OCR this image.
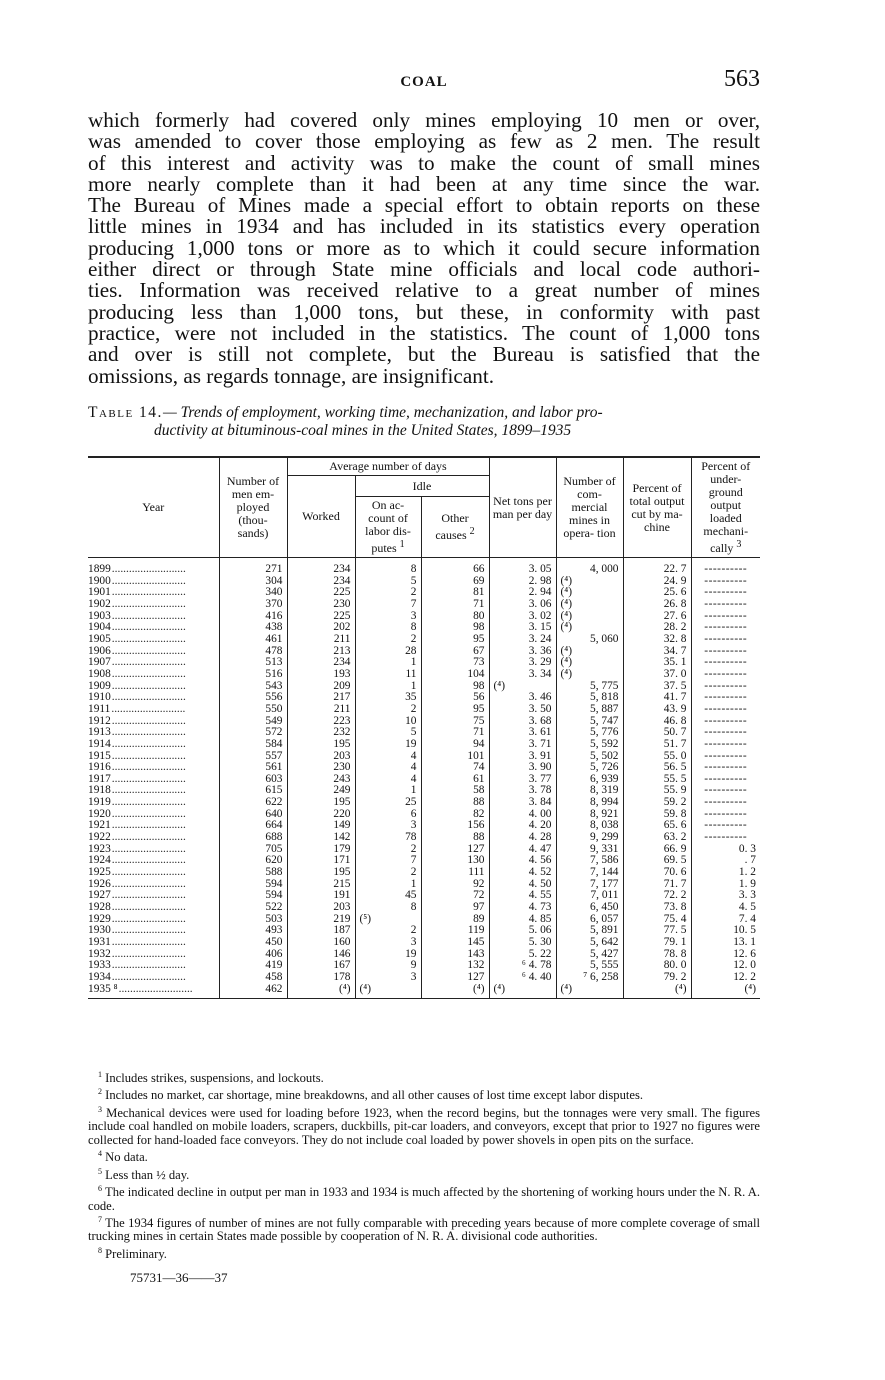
COAL	563
which formerly had covered only mines employing 10 men or over,
was amended to cover those employing as few as 2 men. The result
of this interest and activity was to make the count of small mines
more nearly complete than it had been at any time since the war.
The Bureau of Mines made a special effort to obtain reports on these
little mines in 1934 and has included in its statistics every operation
producing 1,000 tons or more as to which it could secure information
either direct or through State mine officials and local code authori-
ties. Information was received relative to a great number of mines
producing less than 1,000 tons, but these, in conformity with past
practice, were not included in the statistics. The count of 1,000 tons
and over is still not complete, but the Bureau is satisfied that the
omissions, as regards tonnage, are insignificant.
Table 14.— Trends of employment, working time, mechanization, and labor pro-
ductivity at bituminous-coal mines in the United States, 1899–1935
Year	Number of men em- ployed (thou- sands)	Average number of days			Net tons per man per day	Number of com- mercial mines in opera- tion	Percent of total output cut by ma- chine	Percent of under- ground output loaded mechani- cally $^3$
		Worked	Idle					
			On ac- count of labor dis- putes $^1$	Other causes $^2$
1899..........................	271	234	8	66	3. 05	4, 000	22. 7	----------
1900..........................	304	234	5	69	2. 98	(⁴)	24. 9	----------
1901..........................	340	225	2	81	2. 94	(⁴)	25. 6	----------
1902..........................	370	230	7	71	3. 06	(⁴)	26. 8	----------
1903..........................	416	225	3	80	3. 02	(⁴)	27. 6	----------
1904..........................	438	202	8	98	3. 15	(⁴)	28. 2	----------
1905..........................	461	211	2	95	3. 24	5, 060	32. 8	----------
1906..........................	478	213	28	67	3. 36	(⁴)	34. 7	----------
1907..........................	513	234	1	73	3. 29	(⁴)	35. 1	----------
1908..........................	516	193	11	104	3. 34	(⁴)	37. 0	----------
1909..........................	543	209	1	98	(⁴)	5, 775	37. 5	----------
1910..........................	556	217	35	56	3. 46	5, 818	41. 7	----------
1911..........................	550	211	2	95	3. 50	5, 887	43. 9	----------
1912..........................	549	223	10	75	3. 68	5, 747	46. 8	----------
1913..........................	572	232	5	71	3. 61	5, 776	50. 7	----------
1914..........................	584	195	19	94	3. 71	5, 592	51. 7	----------
1915..........................	557	203	4	101	3. 91	5, 502	55. 0	----------
1916..........................	561	230	4	74	3. 90	5, 726	56. 5	----------
1917..........................	603	243	4	61	3. 77	6, 939	55. 5	----------
1918..........................	615	249	1	58	3. 78	8, 319	55. 9	----------
1919..........................	622	195	25	88	3. 84	8, 994	59. 2	----------
1920..........................	640	220	6	82	4. 00	8, 921	59. 8	----------
1921..........................	664	149	3	156	4. 20	8, 038	65. 6	----------
1922..........................	688	142	78	88	4. 28	9, 299	63. 2	----------
1923..........................	705	179	2	127	4. 47	9, 331	66. 9	0. 3
1924..........................	620	171	7	130	4. 56	7, 586	69. 5	. 7
1925..........................	588	195	2	111	4. 52	7, 144	70. 6	1. 2
1926..........................	594	215	1	92	4. 50	7, 177	71. 7	1. 9
1927..........................	594	191	45	72	4. 55	7, 011	72. 2	3. 3
1928..........................	522	203	8	97	4. 73	6, 450	73. 8	4. 5
1929..........................	503	219	(⁵)	89	4. 85	6, 057	75. 4	7. 4
1930..........................	493	187	2	119	5. 06	5, 891	77. 5	10. 5
1931..........................	450	160	3	145	5. 30	5, 642	79. 1	13. 1
1932..........................	406	146	19	143	5. 22	5, 427	78. 8	12. 6
1933..........................	419	167	9	132	⁶ 4. 78	5, 555	80. 0	12. 0
1934..........................	458	178	3	127	⁶ 4. 40	⁷ 6, 258	79. 2	12. 2
1935 ⁸..........................	462	(⁴)	(⁴)	(⁴)	(⁴)	(⁴)	(⁴)	(⁴)
$^1$ Includes strikes, suspensions, and lockouts.
$^2$ Includes no market, car shortage, mine breakdowns, and all other causes of lost time except labor disputes.
$^3$ Mechanical devices were used for loading before 1923, when the record begins, but the tonnages were very small. The figures include coal handled on mobile loaders, scrapers, duckbills, pit-car loaders, and conveyors, except that prior to 1927 no figures were collected for hand-loaded face conveyors. They do not include coal loaded by power shovels in open pits on the surface.
$^4$ No data.
$^5$ Less than ½ day.
$^6$ The indicated decline in output per man in 1933 and 1934 is much affected by the shortening of working hours under the N. R. A. code.
$^7$ The 1934 figures of number of mines are not fully comparable with preceding years because of more complete coverage of small trucking mines in certain States made possible by cooperation of N. R. A. divisional code authorities.
$^8$ Preliminary.
75731—36——37
